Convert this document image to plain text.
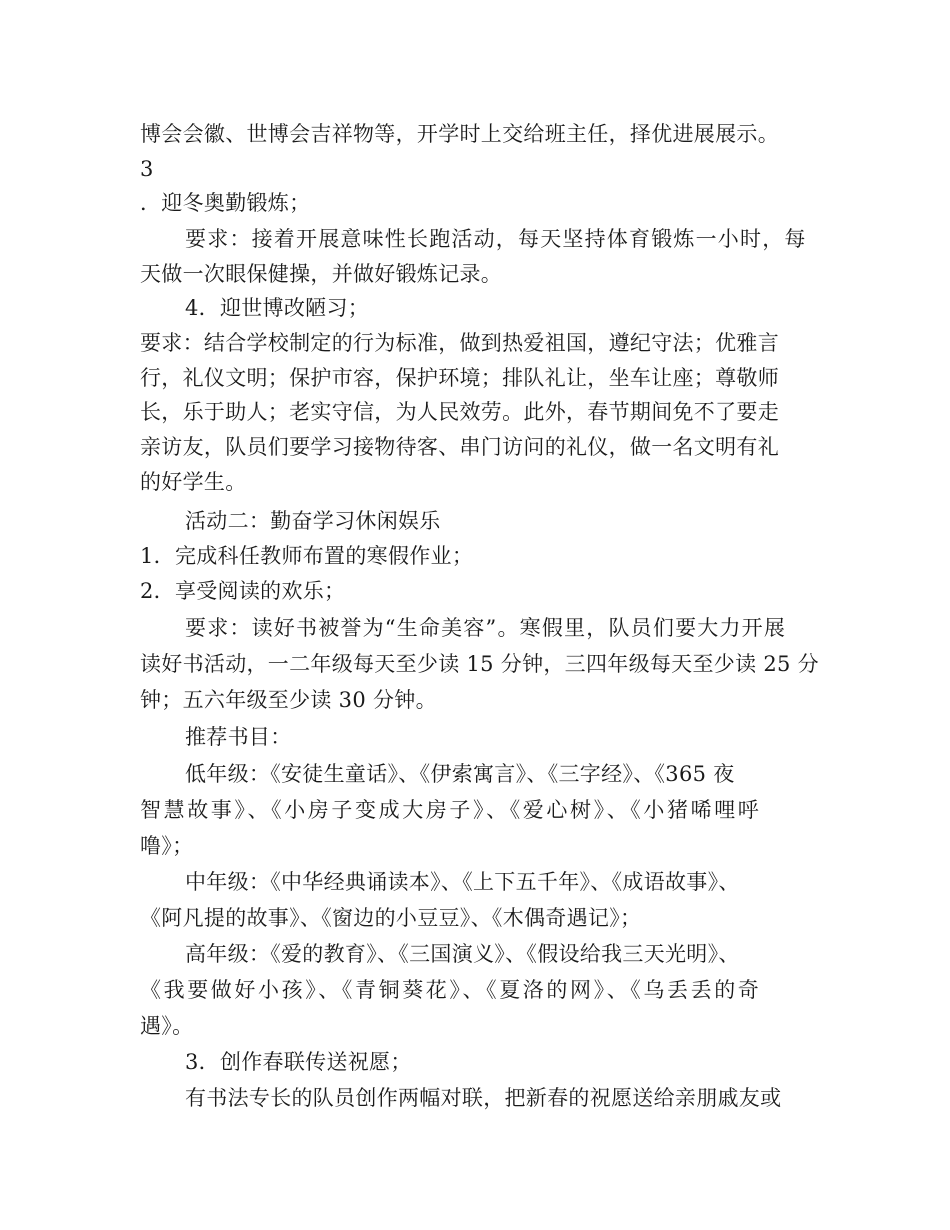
博会会徽、世博会吉祥物等，开学时上交给班主任，择优进展展示。
3
．迎冬奥勤锻炼；
要求：接着开展意味性长跑活动，每天坚持体育锻炼一小时，每
天做一次眼保健操，并做好锻炼记录。
4．迎世博改陋习；
要求：结合学校制定的行为标准，做到热爱祖国，遵纪守法；优雅言
行，礼仪文明；保护市容，保护环境；排队礼让，坐车让座；尊敬师
长，乐于助人；老实守信，为人民效劳。此外，春节期间免不了要走
亲访友，队员们要学习接物待客、串门访问的礼仪，做一名文明有礼
的好学生。
活动二：勤奋学习休闲娱乐
1．完成科任教师布置的寒假作业；
2．享受阅读的欢乐；
要求：读好书被誉为“生命美容”。寒假里，队员们要大力开展
读好书活动，一二年级每天至少读 15 分钟，三四年级每天至少读 25 分
钟；五六年级至少读 30 分钟。
推荐书目：
低年级：《安徒生童话》、《伊索寓言》、《三字经》、《365 夜
智慧故事》、《小房子变成大房子》、《爱心树》、《小猪唏哩呼
噜》；
中年级：《中华经典诵读本》、《上下五千年》、《成语故事》、
《阿凡提的故事》、《窗边的小豆豆》、《木偶奇遇记》；
高年级：《爱的教育》、《三国演义》、《假设给我三天光明》、
《我要做好小孩》、《青铜葵花》、《夏洛的网》、《乌丢丢的奇
遇》。
3．创作春联传送祝愿；
有书法专长的队员创作两幅对联，把新春的祝愿送给亲朋戚友或
